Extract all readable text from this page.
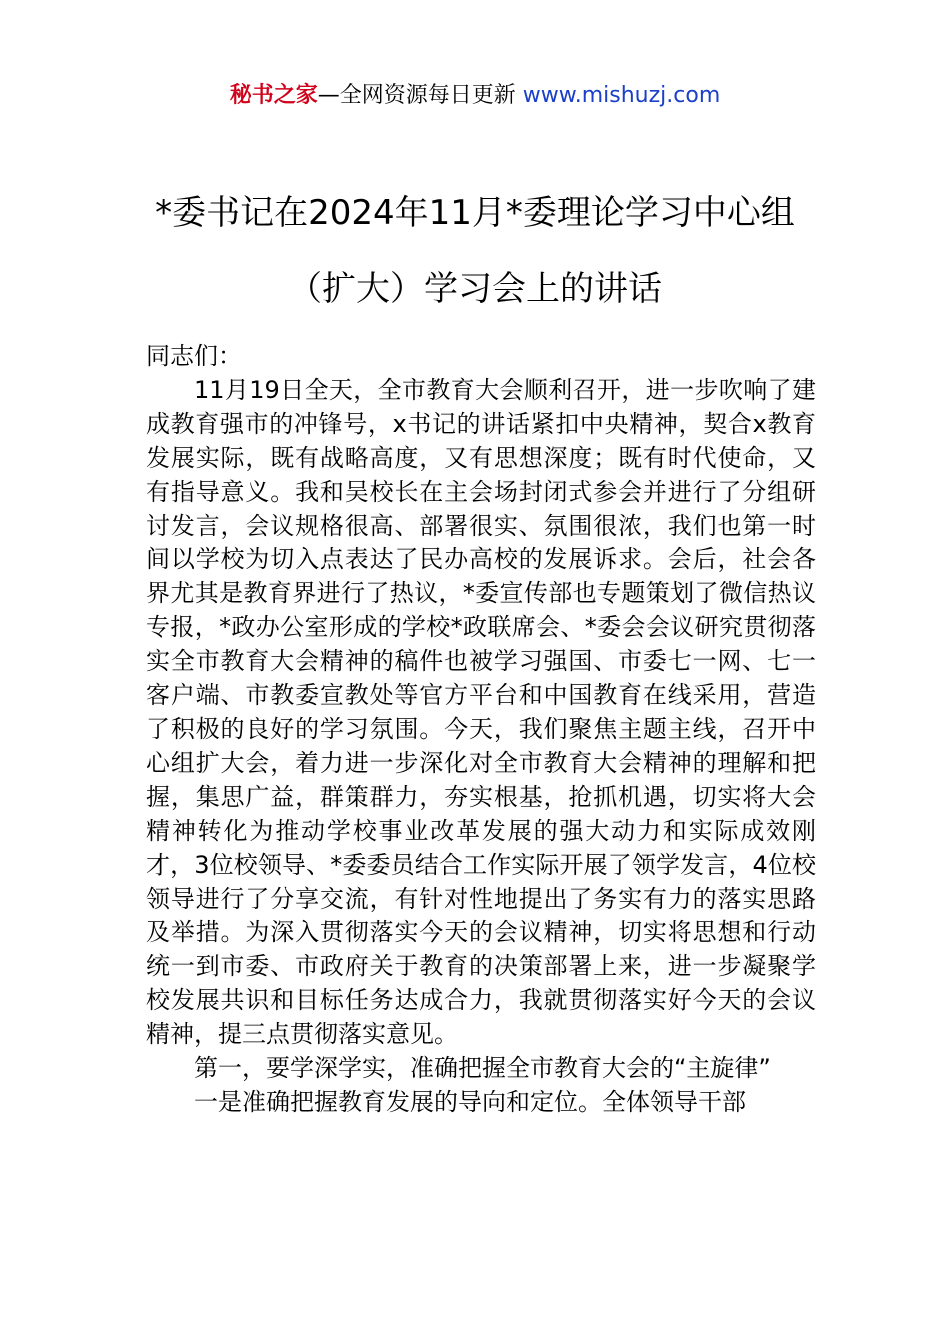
秘书之家—全网资源每日更新 www.mishuzj.com
*委书记在2024年11月*委理论学习中心组
（扩大）学习会上的讲话

同志们：

11月19日全天，全市教育大会顺利召开，进一步吹响了建成教育强市的冲锋号，x书记的讲话紧扣中央精神，契合x教育发展实际，既有战略高度，又有思想深度；既有时代使命，又有指导意义。我和吴校长在主会场封闭式参会并进行了分组研讨发言，会议规格很高、部署很实、氛围很浓，我们也第一时间以学校为切入点表达了民办高校的发展诉求。会后，社会各界尤其是教育界进行了热议，*委宣传部也专题策划了微信热议专报，*政办公室形成的学校*政联席会、*委会会议研究贯彻落实全市教育大会精神的稿件也被学习强国、市委七一网、七一客户端、市教委宣教处等官方平台和中国教育在线采用，营造了积极的良好的学习氛围。今天，我们聚焦主题主线，召开中心组扩大会，着力进一步深化对全市教育大会精神的理解和把握，集思广益，群策群力，夯实根基，抢抓机遇，切实将大会精神转化为推动学校事业改革发展的强大动力和实际成效刚才，3位校领导、*委委员结合工作实际开展了领学发言，4位校领导进行了分享交流，有针对性地提出了务实有力的落实思路及举措。为深入贯彻落实今天的会议精神，切实将思想和行动统一到市委、市政府关于教育的决策部署上来，进一步凝聚学校发展共识和目标任务达成合力，我就贯彻落实好今天的会议精神，提三点贯彻落实意见。

第一，要学深学实，准确把握全市教育大会的“主旋律”

一是准确把握教育发展的导向和定位。全体领导干部
